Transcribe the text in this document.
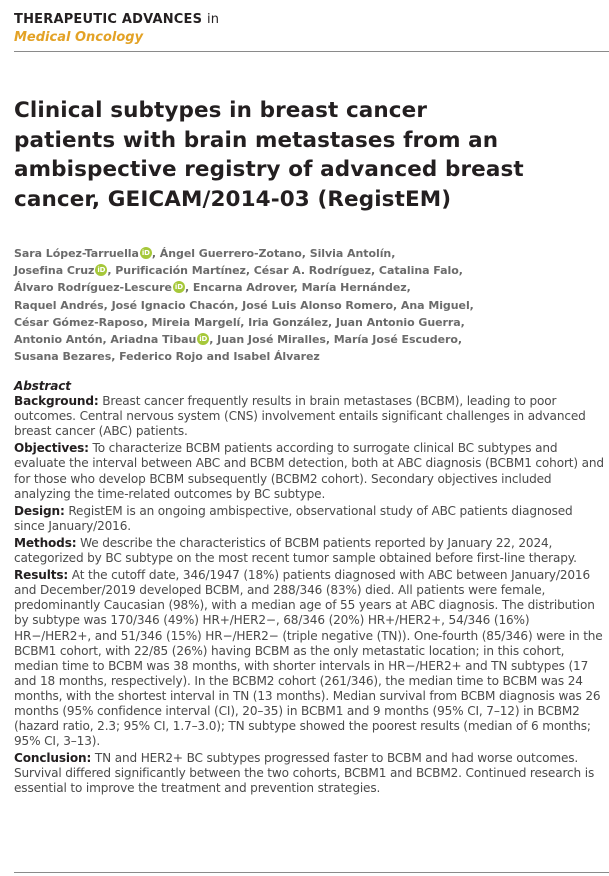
THERAPEUTIC ADVANCES in
Medical Oncology
Clinical subtypes in breast cancer
patients with brain metastases from an
ambispective registry of advanced breast
cancer, GEICAM/2014-03 (RegistEM)
Sara López-Tarruella iD , Ángel Guerrero-Zotano, Silvia Antolín,
Josefina Cruz iD , Purificación Martínez, César A. Rodríguez, Catalina Falo,
Álvaro Rodríguez-Lescure iD , Encarna Adrover, María Hernández,
Raquel Andrés, José Ignacio Chacón, José Luis Alonso Romero, Ana Miguel,
César Gómez-Raposo, Mireia Margelí, Iria González, Juan Antonio Guerra,
Antonio Antón, Ariadna Tibau iD , Juan José Miralles, María José Escudero,
Susana Bezares, Federico Rojo and Isabel Álvarez
Abstract

Background: Breast cancer frequently results in brain metastases (BCBM), leading to poor outcomes. Central nervous system (CNS) involvement entails significant challenges in advanced breast cancer (ABC) patients.

Objectives: To characterize BCBM patients according to surrogate clinical BC subtypes and evaluate the interval between ABC and BCBM detection, both at ABC diagnosis (BCBM1 cohort) and for those who develop BCBM subsequently (BCBM2 cohort). Secondary objectives included analyzing the time-related outcomes by BC subtype.

Design: RegistEM is an ongoing ambispective, observational study of ABC patients diagnosed since January/2016.

Methods: We describe the characteristics of BCBM patients reported by January 22, 2024, categorized by BC subtype on the most recent tumor sample obtained before first-line therapy.

Results: At the cutoff date, 346/1947 (18%) patients diagnosed with ABC between January/2016 and December/2019 developed BCBM, and 288/346 (83%) died. All patients were female, predominantly Caucasian (98%), with a median age of 55 years at ABC diagnosis. The distribution by subtype was 170/346 (49%) HR+/HER2−, 68/346 (20%) HR+/HER2+, 54/346 (16%) HR−/HER2+, and 51/346 (15%) HR−/HER2− (triple negative (TN)). One-fourth (85/346) were in the BCBM1 cohort, with 22/85 (26%) having BCBM as the only metastatic location; in this cohort, median time to BCBM was 38 months, with shorter intervals in HR−/HER2+ and TN subtypes (17 and 18 months, respectively). In the BCBM2 cohort (261/346), the median time to BCBM was 24 months, with the shortest interval in TN (13 months). Median survival from BCBM diagnosis was 26 months (95% confidence interval (CI), 20–35) in BCBM1 and 9 months (95% CI, 7–12) in BCBM2 (hazard ratio, 2.3; 95% CI, 1.7–3.0); TN subtype showed the poorest results (median of 6 months; 95% CI, 3–13).

Conclusion: TN and HER2+ BC subtypes progressed faster to BCBM and had worse outcomes. Survival differed significantly between the two cohorts, BCBM1 and BCBM2. Continued research is essential to improve the treatment and prevention strategies.
